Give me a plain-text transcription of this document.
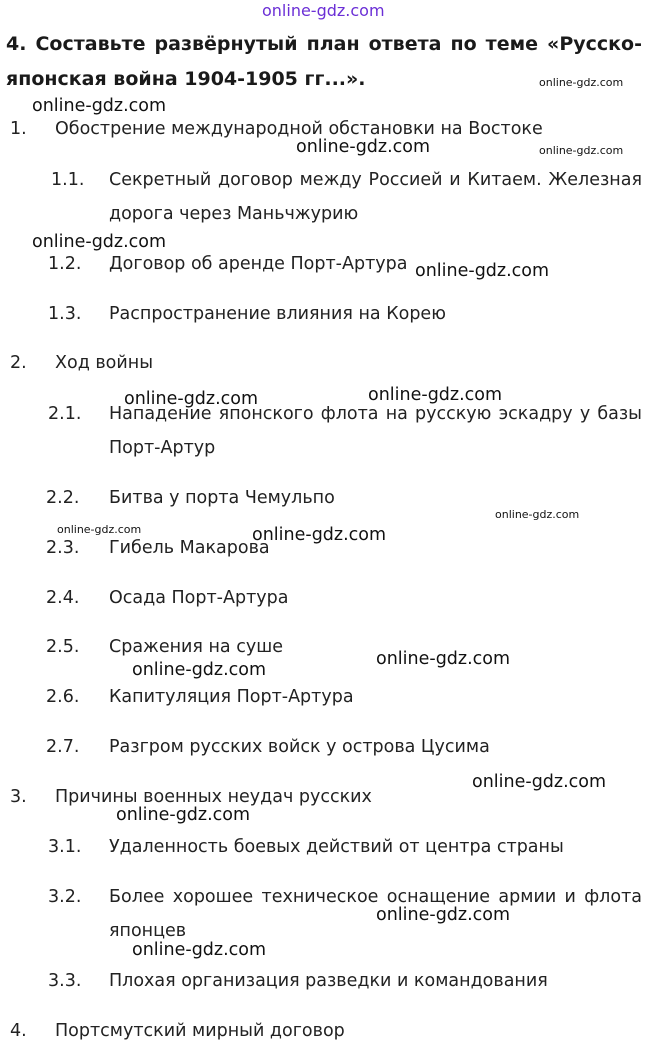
online-gdz.com
4. Составьте развёрнутый план ответа по теме «Русско-
японская война 1904-1905 гг...».
1. Обострение международной обстановки на Востоке
1.1. Секретный договор между Россией и Китаем. Железная
дорога через Маньчжурию
1.2. Договор об аренде Порт-Артура
1.3. Распространение влияния на Корею
2. Ход войны
2.1. Нападение японского флота на русскую эскадру у базы
Порт-Артур
2.2. Битва у порта Чемульпо
2.3. Гибель Макарова
2.4. Осада Порт-Артура
2.5. Сражения на суше
2.6. Капитуляция Порт-Артура
2.7. Разгром русских войск у острова Цусима
3. Причины военных неудач русских
3.1. Удаленность боевых действий от центра страны
3.2. Более хорошее техническое оснащение армии и флота
японцев
3.3. Плохая организация разведки и командования
4. Портсмутский мирный договор
online-gdz.com
online-gdz.com
online-gdz.com	online-gdz.com
online-gdz.com
online-gdz.com
online-gdz.com	online-gdz.com
online-gdz.com
online-gdz.com	online-gdz.com
online-gdz.com
online-gdz.com
online-gdz.com
online-gdz.com
online-gdz.com
online-gdz.com
